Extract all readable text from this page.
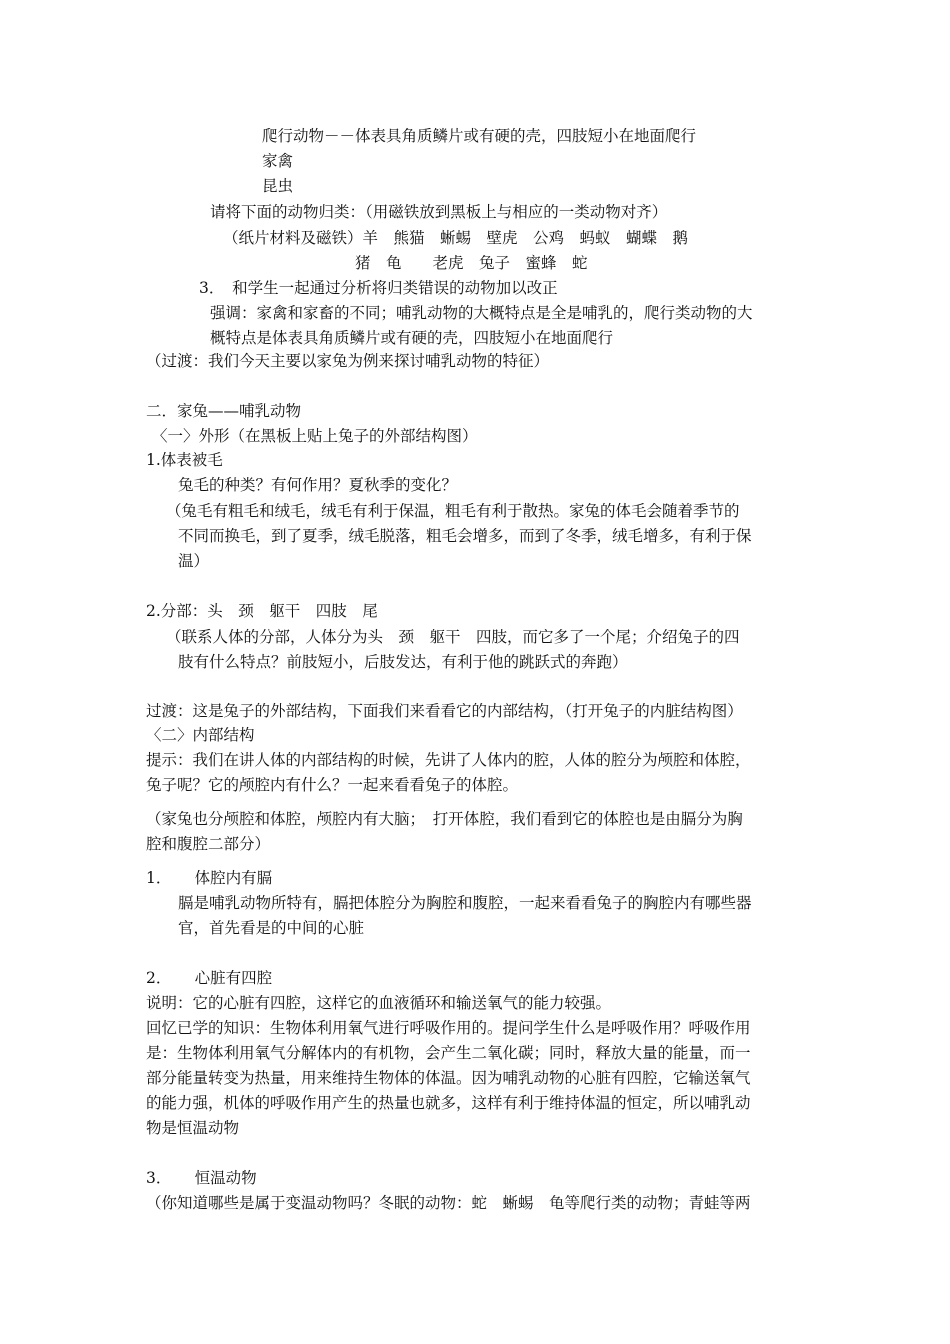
爬行动物－－体表具角质鳞片或有硬的壳，四肢短小在地面爬行
家禽
昆虫
请将下面的动物归类：（用磁铁放到黑板上与相应的一类动物对齐）
（纸片材料及磁铁）羊　熊猫　蜥蜴　壁虎　公鸡　蚂蚁　蝴蝶　鹅
猪　龟　　老虎　兔子　蜜蜂　蛇
3．　和学生一起通过分析将归类错误的动物加以改正
强调：家禽和家畜的不同；哺乳动物的大概特点是全是哺乳的，爬行类动物的大
概特点是体表具角质鳞片或有硬的壳，四肢短小在地面爬行
（过渡：我们今天主要以家兔为例来探讨哺乳动物的特征）
二．家兔——哺乳动物
〈一〉外形（在黑板上贴上兔子的外部结构图）
1.体表被毛
兔毛的种类？有何作用？夏秋季的变化？
（兔毛有粗毛和绒毛，绒毛有利于保温，粗毛有利于散热。家兔的体毛会随着季节的
不同而换毛，到了夏季，绒毛脱落，粗毛会增多，而到了冬季，绒毛增多，有利于保
温）
2.分部：头　颈　躯干　四肢　尾
（联系人体的分部，人体分为头　颈　躯干　四肢，而它多了一个尾；介绍兔子的四
肢有什么特点？前肢短小，后肢发达，有利于他的跳跃式的奔跑）
过渡：这是兔子的外部结构，下面我们来看看它的内部结构，（打开兔子的内脏结构图）
〈二〉内部结构
提示：我们在讲人体的内部结构的时候，先讲了人体内的腔，人体的腔分为颅腔和体腔，
兔子呢？它的颅腔内有什么？一起来看看兔子的体腔。
（家兔也分颅腔和体腔，颅腔内有大脑；　打开体腔，我们看到它的体腔也是由膈分为胸
腔和腹腔二部分）
1．　　体腔内有膈
膈是哺乳动物所特有，膈把体腔分为胸腔和腹腔，一起来看看兔子的胸腔内有哪些器
官，首先看是的中间的心脏
2．　　心脏有四腔
说明：它的心脏有四腔，这样它的血液循环和输送氧气的能力较强。
回忆已学的知识：生物体利用氧气进行呼吸作用的。提问学生什么是呼吸作用？呼吸作用
是：生物体利用氧气分解体内的有机物，会产生二氧化碳；同时，释放大量的能量，而一
部分能量转变为热量，用来维持生物体的体温。因为哺乳动物的心脏有四腔，它输送氧气
的能力强，机体的呼吸作用产生的热量也就多，这样有利于维持体温的恒定，所以哺乳动
物是恒温动物
3．　　恒温动物
（你知道哪些是属于变温动物吗？冬眠的动物：蛇　蜥蜴　龟等爬行类的动物；青蛙等两
